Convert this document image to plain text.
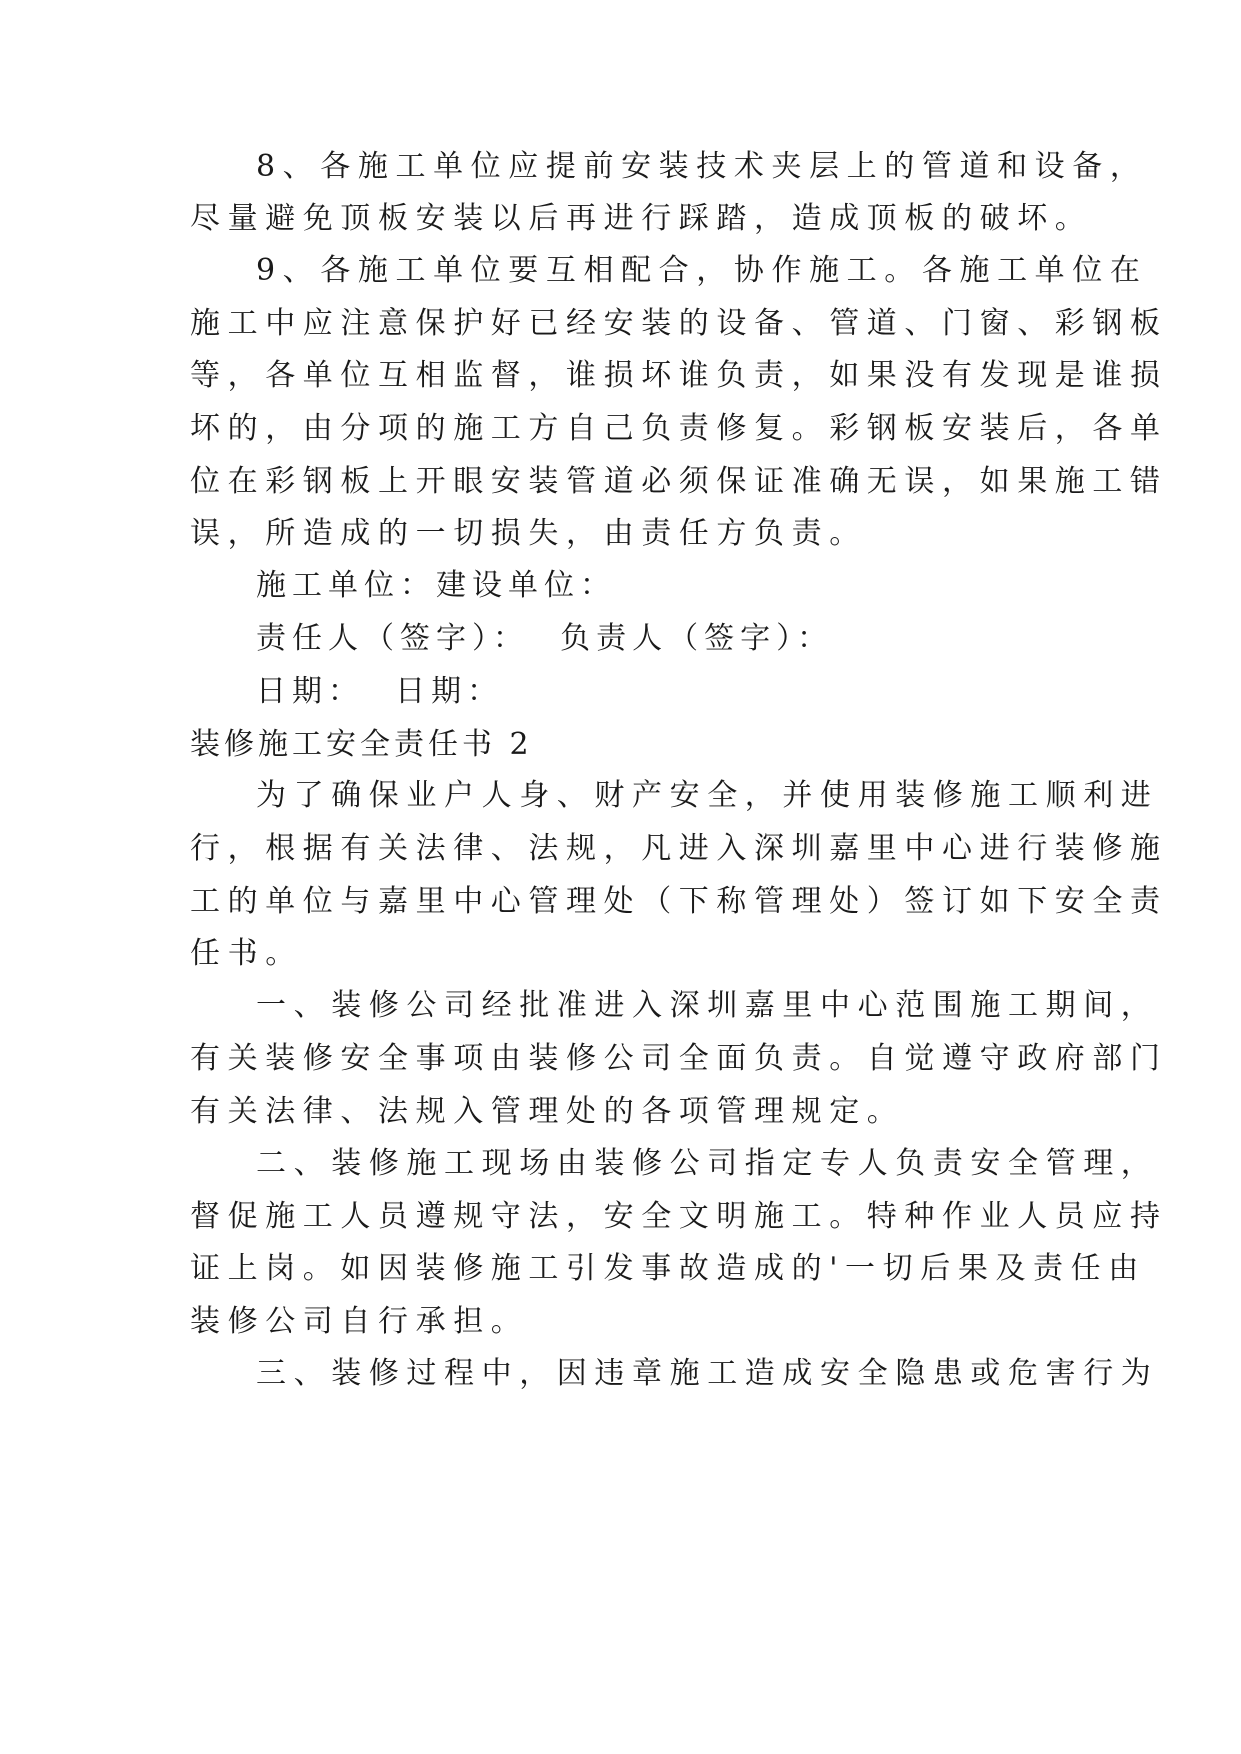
8、各施工单位应提前安装技术夹层上的管道和设备，

尽量避免顶板安装以后再进行踩踏，造成顶板的破坏。

9、各施工单位要互相配合，协作施工。各施工单位在

施工中应注意保护好已经安装的设备、管道、门窗、彩钢板

等，各单位互相监督，谁损坏谁负责，如果没有发现是谁损

坏的，由分项的施工方自己负责修复。彩钢板安装后，各单

位在彩钢板上开眼安装管道必须保证准确无误，如果施工错

误，所造成的一切损失，由责任方负责。

施工单位：建设单位：

责任人（签字）：  负责人（签字）：

日期：  日期：

装修施工安全责任书 2

为了确保业户人身、财产安全，并使用装修施工顺利进

行，根据有关法律、法规，凡进入深圳嘉里中心进行装修施

工的单位与嘉里中心管理处（下称管理处）签订如下安全责

任书。

一、装修公司经批准进入深圳嘉里中心范围施工期间，

有关装修安全事项由装修公司全面负责。自觉遵守政府部门

有关法律、法规入管理处的各项管理规定。

二、装修施工现场由装修公司指定专人负责安全管理，

督促施工人员遵规守法，安全文明施工。特种作业人员应持

证上岗。如因装修施工引发事故造成的'一切后果及责任由

装修公司自行承担。

三、装修过程中，因违章施工造成安全隐患或危害行为
